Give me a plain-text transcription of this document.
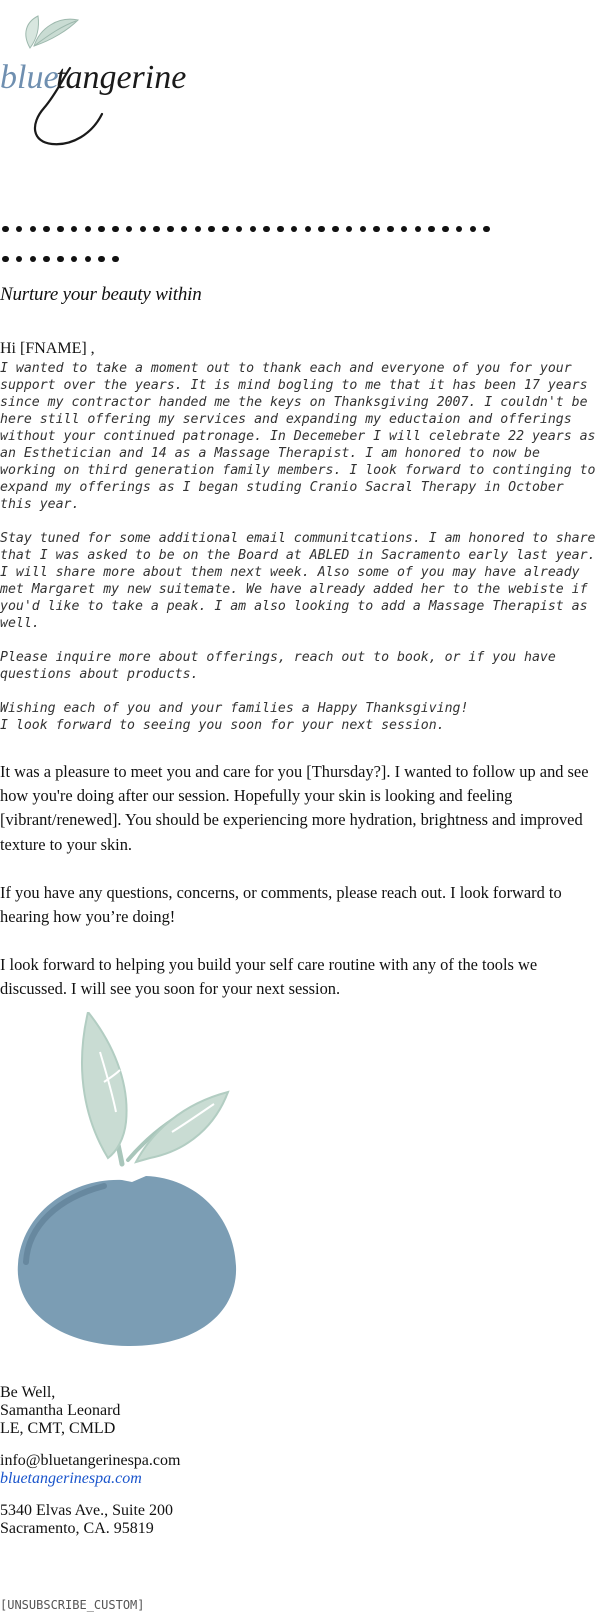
blue
tangerine
Nurture your beauty within
Hi [FNAME] ,

I wanted to take a moment out to thank each and everyone of you for your
support over the years. It is mind bogling to me that it has been 17 years
since my contractor handed me the keys on Thanksgiving 2007. I couldn't be
here still offering my services and expanding my eductaion and offerings
without your continued patronage. In Decemeber I will celebrate 22 years as
an Esthetician and 14 as a Massage Therapist. I am honored to now be
working on third generation family members. I look forward to continging to
expand my offerings as I began studing Cranio Sacral Therapy in October
this year.

Stay tuned for some additional email communitcations. I am honored to share
that I was asked to be on the Board at ABLED in Sacramento early last year.
I will share more about them next week. Also some of you may have already
met Margaret my new suitemate. We have already added her to the webiste if
you'd like to take a peak. I am also looking to add a Massage Therapist as
well.

Please inquire more about offerings, reach out to book, or if you have
questions about products.

Wishing each of you and your families a Happy Thanksgiving!
I look forward to seeing you soon for your next session.

It was a pleasure to meet you and care for you [Thursday?]. I wanted to follow up and see how you're doing after our session. Hopefully your skin is looking and feeling [vibrant/renewed]. You should be experiencing more hydration, brightness and improved texture to your skin.

If you have any questions, concerns, or comments, please reach out. I look forward to hearing how you’re doing!

I look forward to helping you build your self care routine with any of the tools we discussed. I will see you soon for your next session.

Be Well,
Samantha Leonard
LE, CMT, CMLD
info@bluetangerinespa.com
bluetangerinespa.com
5340 Elvas Ave., Suite 200
Sacramento, CA. 95819
[UNSUBSCRIBE_CUSTOM]
